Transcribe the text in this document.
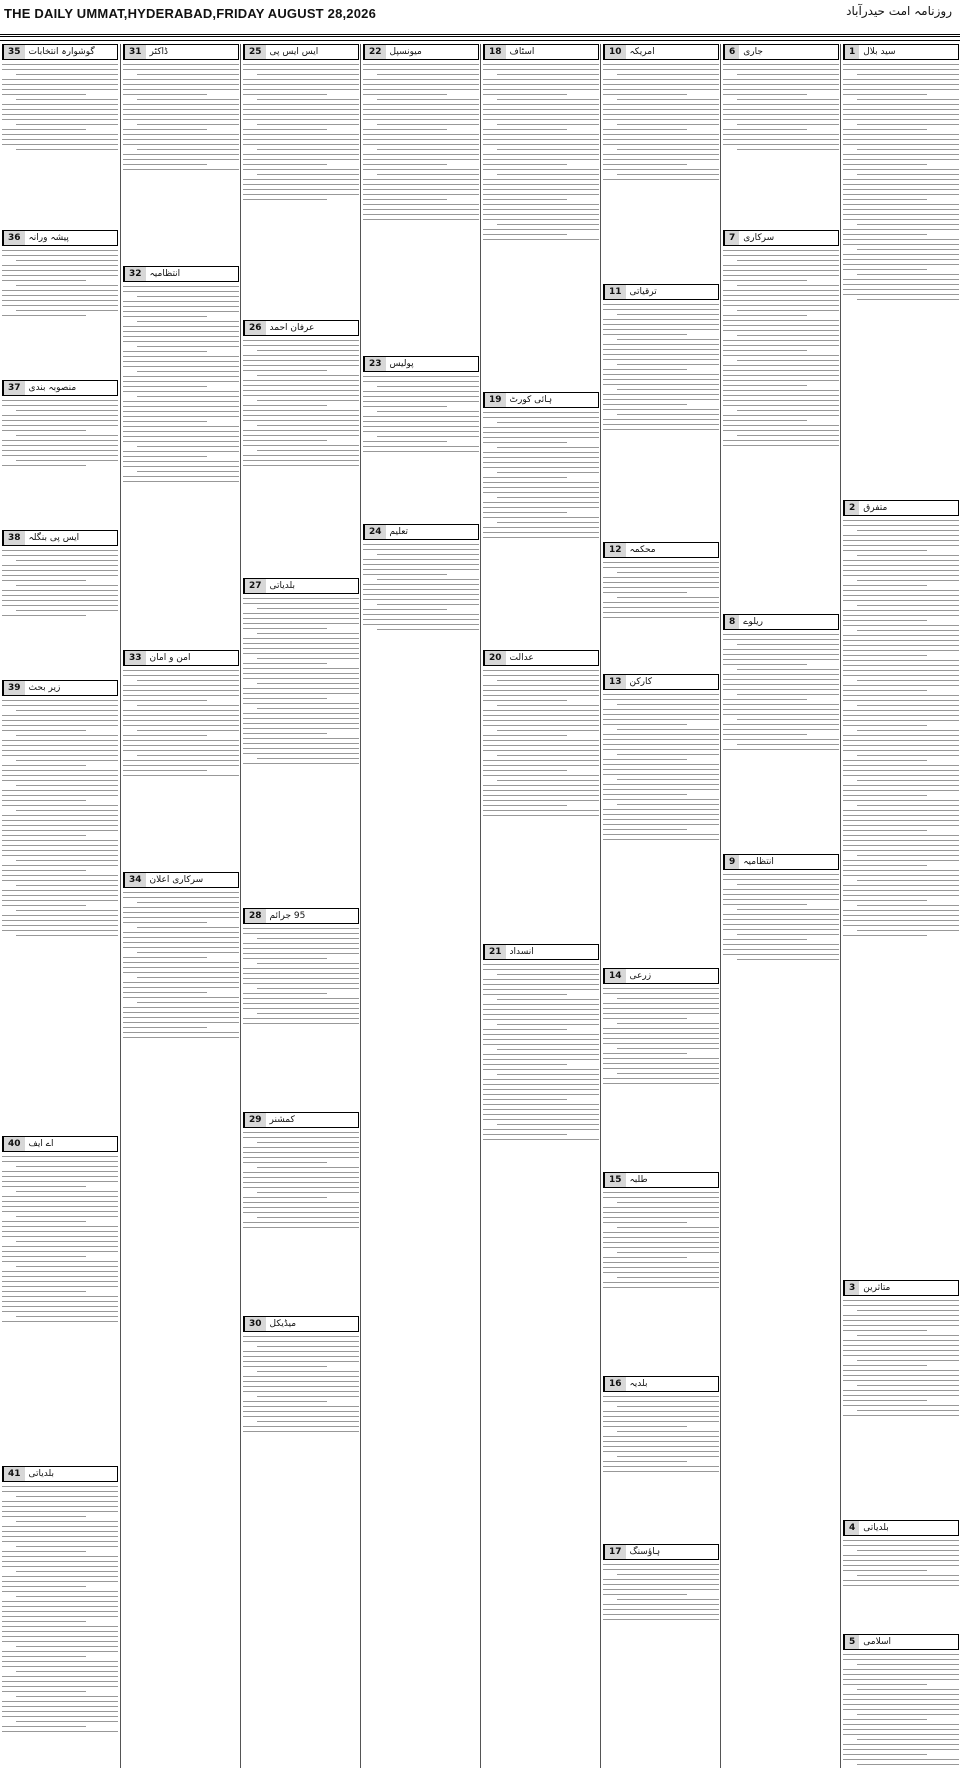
THE DAILY UMMAT,HYDERABAD,FRIDAY AUGUST 28,2026	روزنامہ امت حیدرآباد
35 گوشوارہ انتخابات
36 پیشہ ورانہ
37 منصوبہ بندی
38 ایس پی بنگلہ
39 زیر بحث
40 اے ایف
41 بلدیاتی
31 ڈاکٹر
32 انتظامیہ
33 امن و امان
34 سرکاری اعلان
25 ایس ایس پی
26 عرفان احمد
27 بلدیاتی
28 95 جرائم
29 کمشنر
30 میڈیکل
22 میونسپل
23 پولیس
24 تعلیم
18 اسٹاف
19 ہائی کورٹ
20 عدالت
21 انسداد
10 امریکہ
11 ترقیاتی
12 محکمہ
13 کارکن
14 زرعی
15 طلبہ
16 بلدیہ
17 ہاؤسنگ
6 جاری
7 سرکاری
8 ریلوے
9 انتظامیہ
1 سید بلال
2 متفرق
3 متاثرین
4 بلدیاتی
5 اسلامی
